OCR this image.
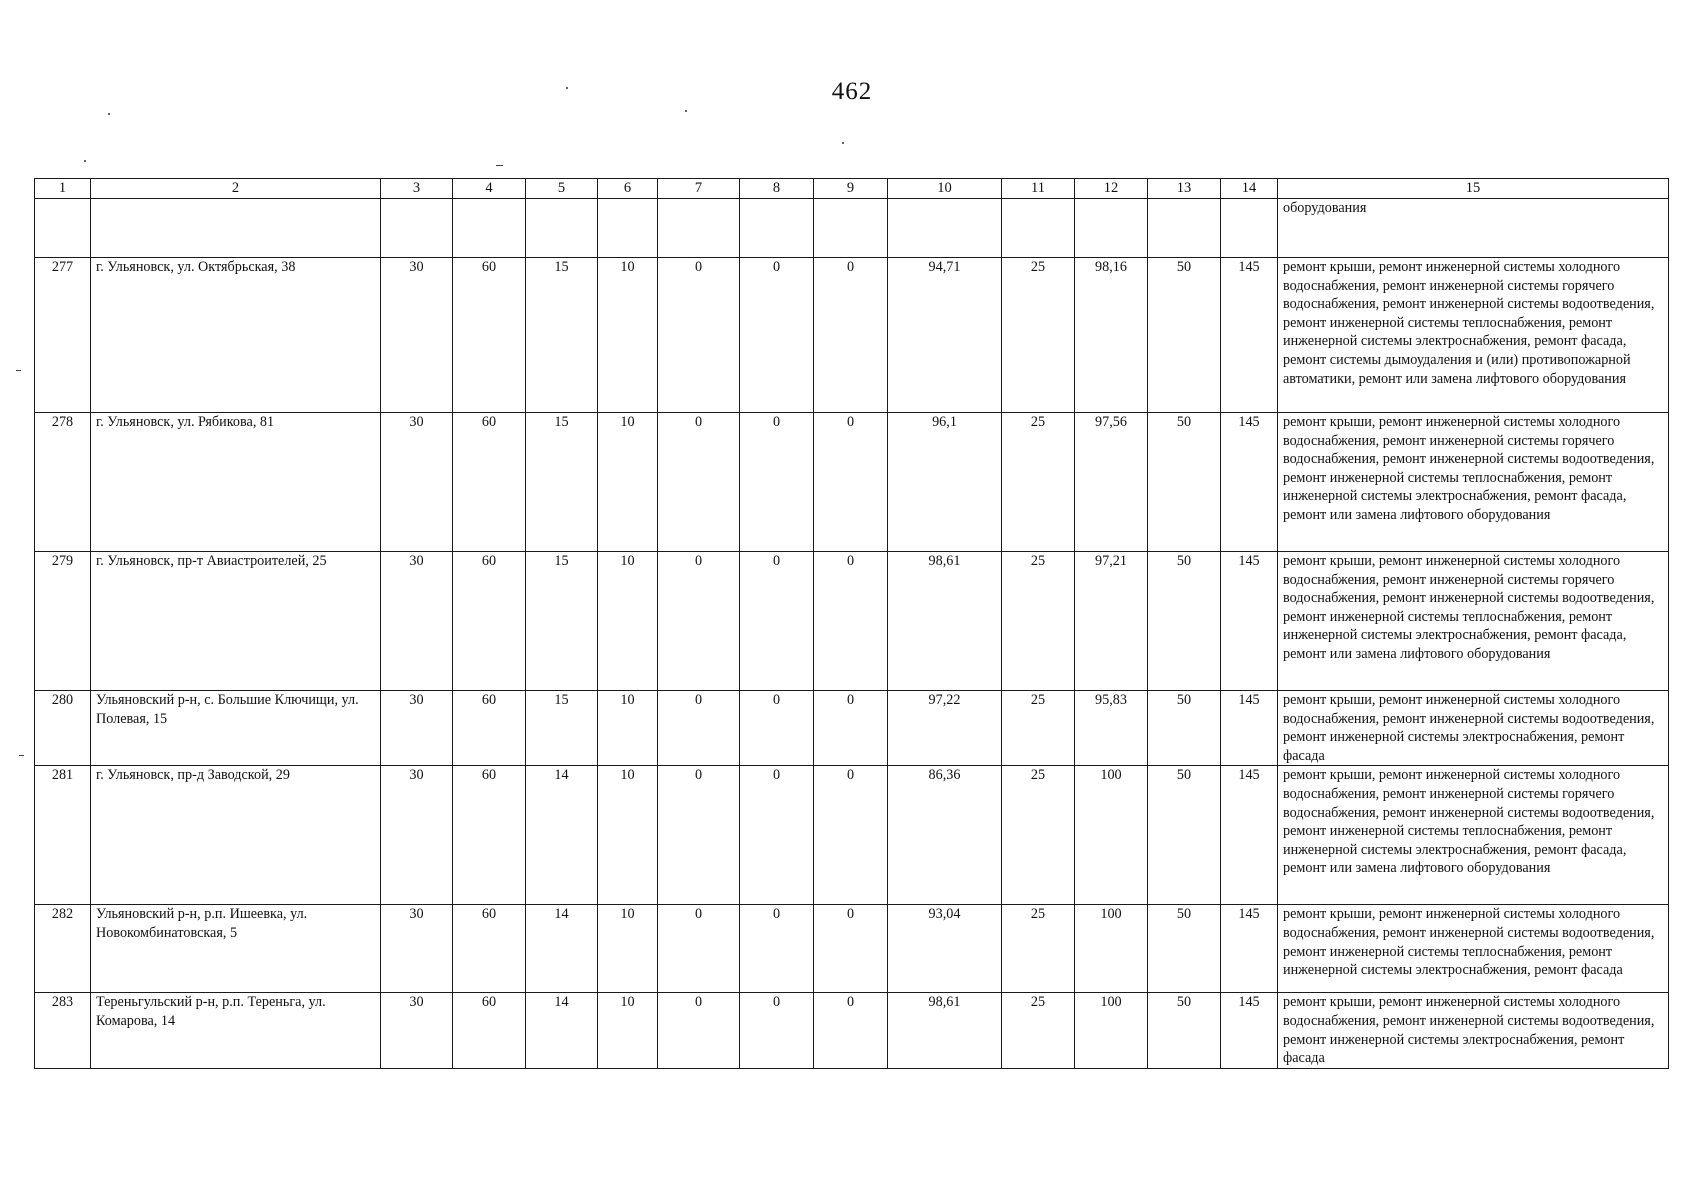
462
1	2	3	4	5	6	7	8	9	10	11	12	13	14	15
														оборудования
277	г. Ульяновск, ул. Октябрьская, 38	30	60	15	10	0	0	0	94,71	25	98,16	50	145	ремонт крыши, ремонт инженерной системы холодного водоснабжения, ремонт инженерной системы горячего водоснабжения, ремонт инженерной системы водоотведения, ремонт инженерной системы теплоснабжения, ремонт инженерной системы электроснабжения, ремонт фасада, ремонт системы дымоудаления и (или) противопожарной автоматики, ремонт или замена лифтового оборудования
278	г. Ульяновск, ул. Рябикова, 81	30	60	15	10	0	0	0	96,1	25	97,56	50	145	ремонт крыши, ремонт инженерной системы холодного водоснабжения, ремонт инженерной системы горячего водоснабжения, ремонт инженерной системы водоотведения, ремонт инженерной системы теплоснабжения, ремонт инженерной системы электроснабжения, ремонт фасада, ремонт или замена лифтового оборудования
279	г. Ульяновск, пр-т Авиастроителей, 25	30	60	15	10	0	0	0	98,61	25	97,21	50	145	ремонт крыши, ремонт инженерной системы холодного водоснабжения, ремонт инженерной системы горячего водоснабжения, ремонт инженерной системы водоотведения, ремонт инженерной системы теплоснабжения, ремонт инженерной системы электроснабжения, ремонт фасада, ремонт или замена лифтового оборудования
280	Ульяновский р-н, с. Большие Ключищи, ул. Полевая, 15	30	60	15	10	0	0	0	97,22	25	95,83	50	145	ремонт крыши, ремонт инженерной системы холодного водоснабжения, ремонт инженерной системы водоотведения, ремонт инженерной системы электроснабжения, ремонт фасада
281	г. Ульяновск, пр-д Заводской, 29	30	60	14	10	0	0	0	86,36	25	100	50	145	ремонт крыши, ремонт инженерной системы холодного водоснабжения, ремонт инженерной системы горячего водоснабжения, ремонт инженерной системы водоотведения, ремонт инженерной системы теплоснабжения, ремонт инженерной системы электроснабжения, ремонт фасада, ремонт или замена лифтового оборудования
282	Ульяновский р-н, р.п. Ишеевка, ул. Новокомбинатовская, 5	30	60	14	10	0	0	0	93,04	25	100	50	145	ремонт крыши, ремонт инженерной системы холодного водоснабжения, ремонт инженерной системы водоотведения, ремонт инженерной системы теплоснабжения, ремонт инженерной системы электроснабжения, ремонт фасада
283	Тереньгульский р-н, р.п. Тереньга, ул. Комарова, 14	30	60	14	10	0	0	0	98,61	25	100	50	145	ремонт крыши, ремонт инженерной системы холодного водоснабжения, ремонт инженерной системы водоотведения, ремонт инженерной системы электроснабжения, ремонт фасада
